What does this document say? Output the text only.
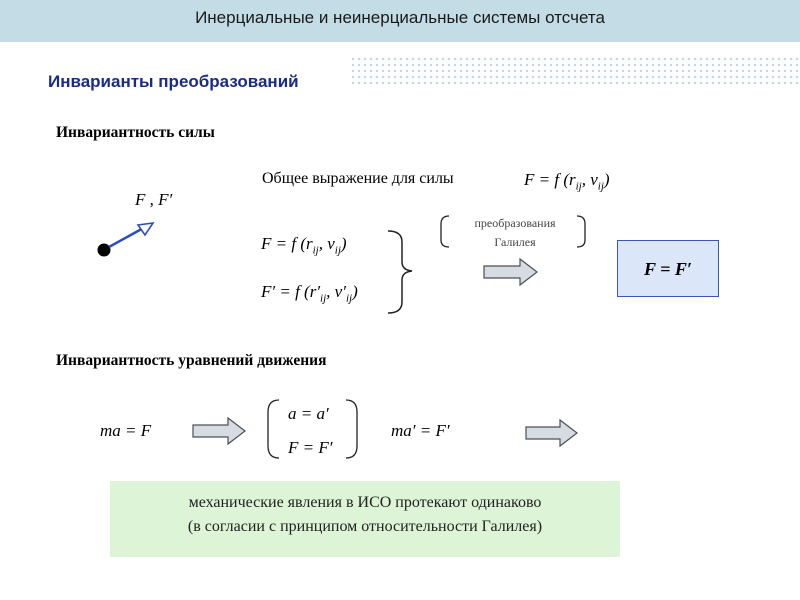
Инерциальные и неинерциальные системы отсчета
Инварианты преобразований
Инвариантность силы
F , F′
Общее выражение для силы	F = f ($r_{ij}$, $v_{ij}$)
F = f ($r_{ij}$, $v_{ij}$)
F′ = f ($r'_{ij}$, $v'_{ij}$)
преобразования
Галилея
F = F′
Инвариантность уравнений движения
ma = F
a = a′
F = F′
ma′ = F′
механические явления в ИСО протекают одинаково
(в согласии с принципом относительности Галилея)
